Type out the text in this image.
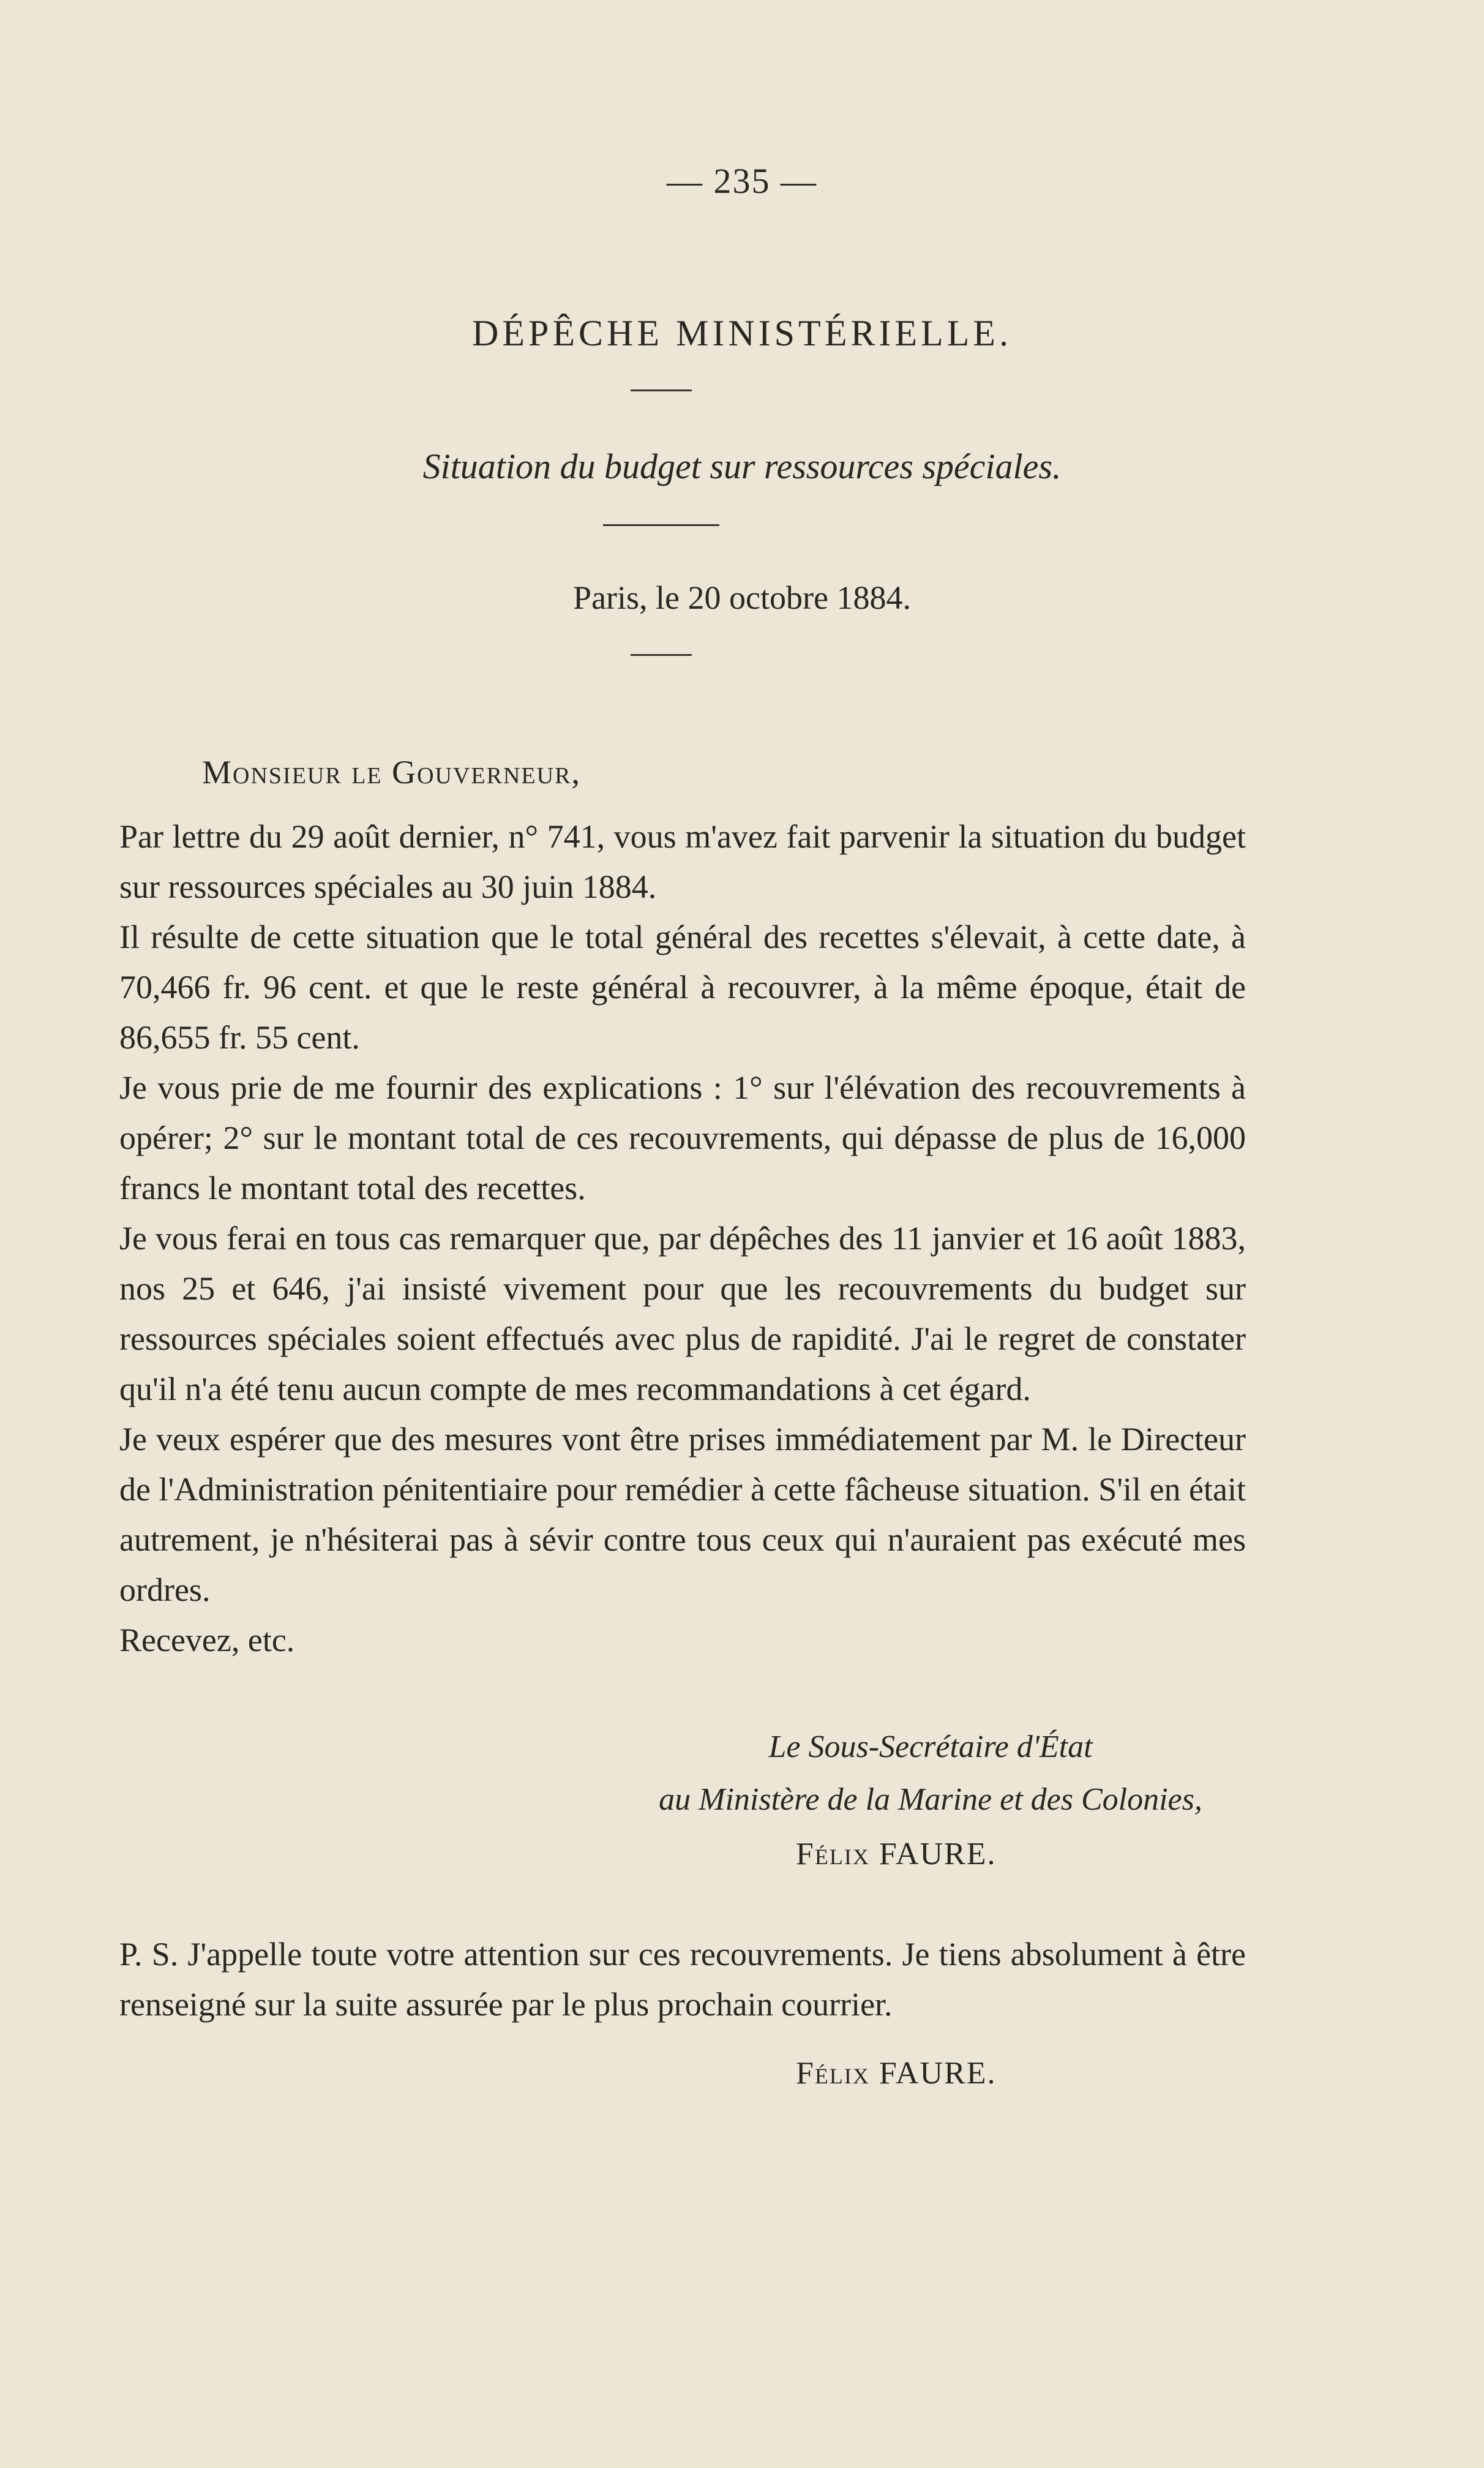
— 235 —
DÉPÊCHE MINISTÉRIELLE.
Situation du budget sur ressources spéciales.
Paris, le 20 octobre 1884.
Monsieur le Gouverneur,

Par lettre du 29 août dernier, n° 741, vous m'avez fait parvenir la situation du budget sur ressources spéciales au 30 juin 1884.

Il résulte de cette situation que le total général des recettes s'élevait, à cette date, à 70,466 fr. 96 cent. et que le reste général à recouvrer, à la même époque, était de 86,655 fr. 55 cent.

Je vous prie de me fournir des explications : 1° sur l'élévation des recouvrements à opérer; 2° sur le montant total de ces recouvrements, qui dépasse de plus de 16,000 francs le montant total des recettes.

Je vous ferai en tous cas remarquer que, par dépêches des 11 janvier et 16 août 1883, nos 25 et 646, j'ai insisté vivement pour que les recouvrements du budget sur ressources spéciales soient effectués avec plus de rapidité. J'ai le regret de constater qu'il n'a été tenu aucun compte de mes recommandations à cet égard.

Je veux espérer que des mesures vont être prises immédiatement par M. le Directeur de l'Administration pénitentiaire pour remédier à cette fâcheuse situation. S'il en était autrement, je n'hésiterai pas à sévir contre tous ceux qui n'auraient pas exécuté mes ordres.

Recevez, etc.

Le Sous-Secrétaire d'État
au Ministère de la Marine et des Colonies,
Félix FAURE.

P. S. J'appelle toute votre attention sur ces recouvrements. Je tiens absolument à être renseigné sur la suite assurée par le plus prochain courrier.

Félix FAURE.
